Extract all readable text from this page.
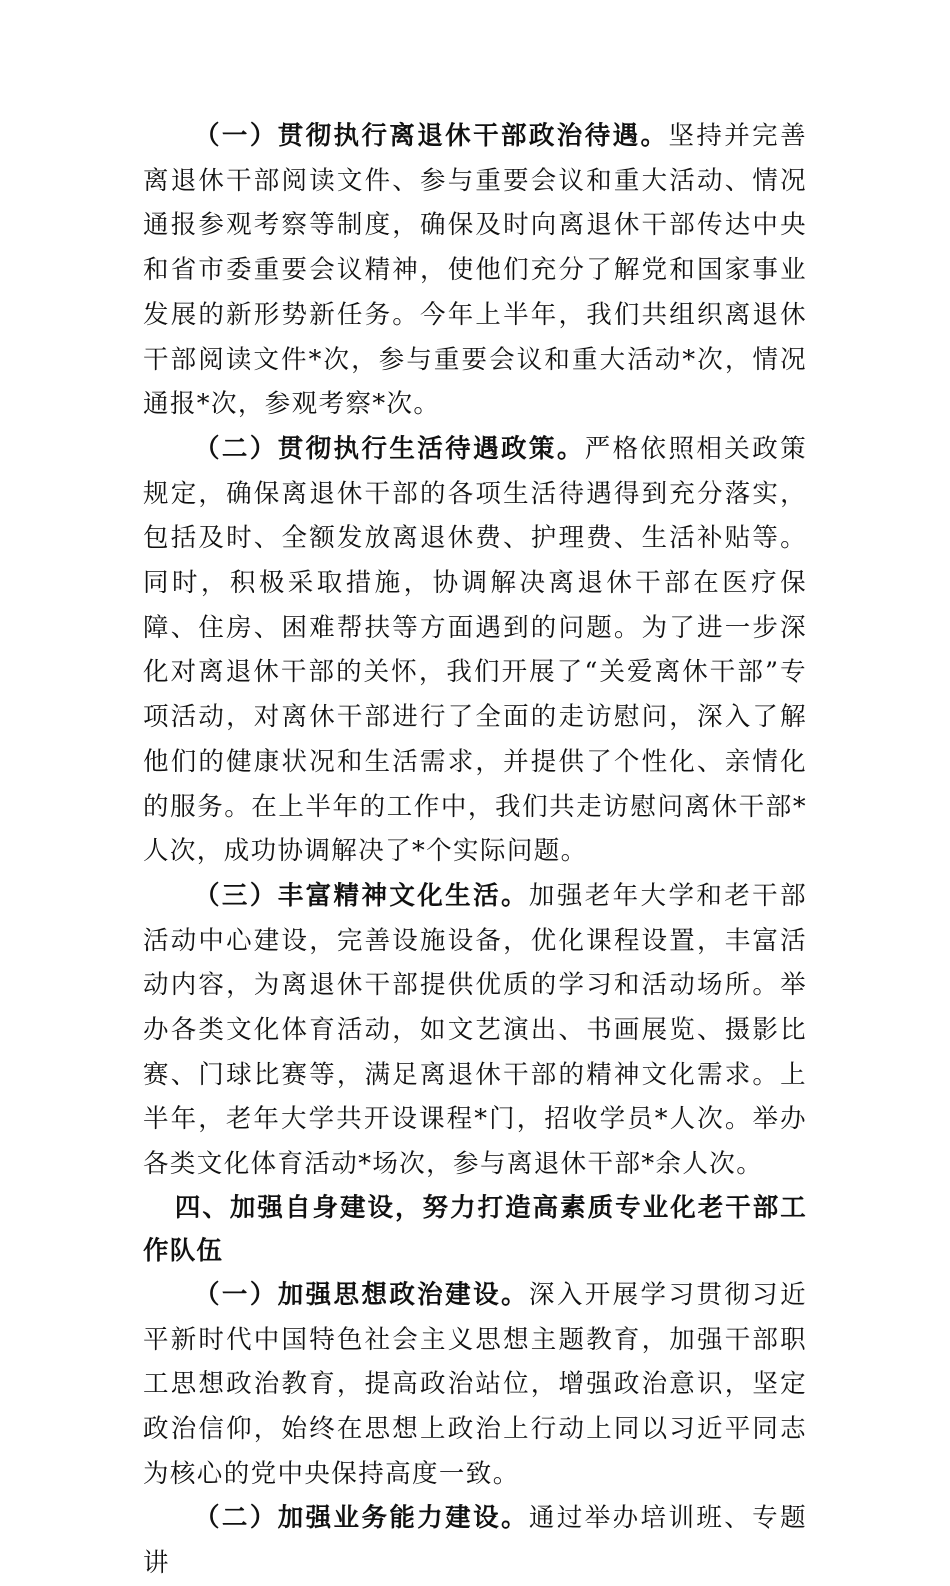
（一）贯彻执行离退休干部政治待遇。坚持并完善离退休干部阅读文件、参与重要会议和重大活动、情况通报参观考察等制度，确保及时向离退休干部传达中央和省市委重要会议精神，使他们充分了解党和国家事业发展的新形势新任务。今年上半年，我们共组织离退休干部阅读文件*次，参与重要会议和重大活动*次，情况通报*次，参观考察*次。

（二）贯彻执行生活待遇政策。严格依照相关政策规定，确保离退休干部的各项生活待遇得到充分落实，包括及时、全额发放离退休费、护理费、生活补贴等。同时，积极采取措施，协调解决离退休干部在医疗保障、住房、困难帮扶等方面遇到的问题。为了进一步深化对离退休干部的关怀，我们开展了“关爱离休干部”专项活动，对离休干部进行了全面的走访慰问，深入了解他们的健康状况和生活需求，并提供了个性化、亲情化的服务。在上半年的工作中，我们共走访慰问离休干部*人次，成功协调解决了*个实际问题。

（三）丰富精神文化生活。加强老年大学和老干部活动中心建设，完善设施设备，优化课程设置，丰富活动内容，为离退休干部提供优质的学习和活动场所。举办各类文化体育活动，如文艺演出、书画展览、摄影比赛、门球比赛等，满足离退休干部的精神文化需求。上半年，老年大学共开设课程*门，招收学员*人次。举办各类文化体育活动*场次，参与离退休干部*余人次。

四、加强自身建设，努力打造高素质专业化老干部工作队伍

（一）加强思想政治建设。深入开展学习贯彻习近平新时代中国特色社会主义思想主题教育，加强干部职工思想政治教育，提高政治站位，增强政治意识，坚定政治信仰，始终在思想上政治上行动上同以习近平同志为核心的党中央保持高度一致。

（二）加强业务能力建设。通过举办培训班、专题讲
